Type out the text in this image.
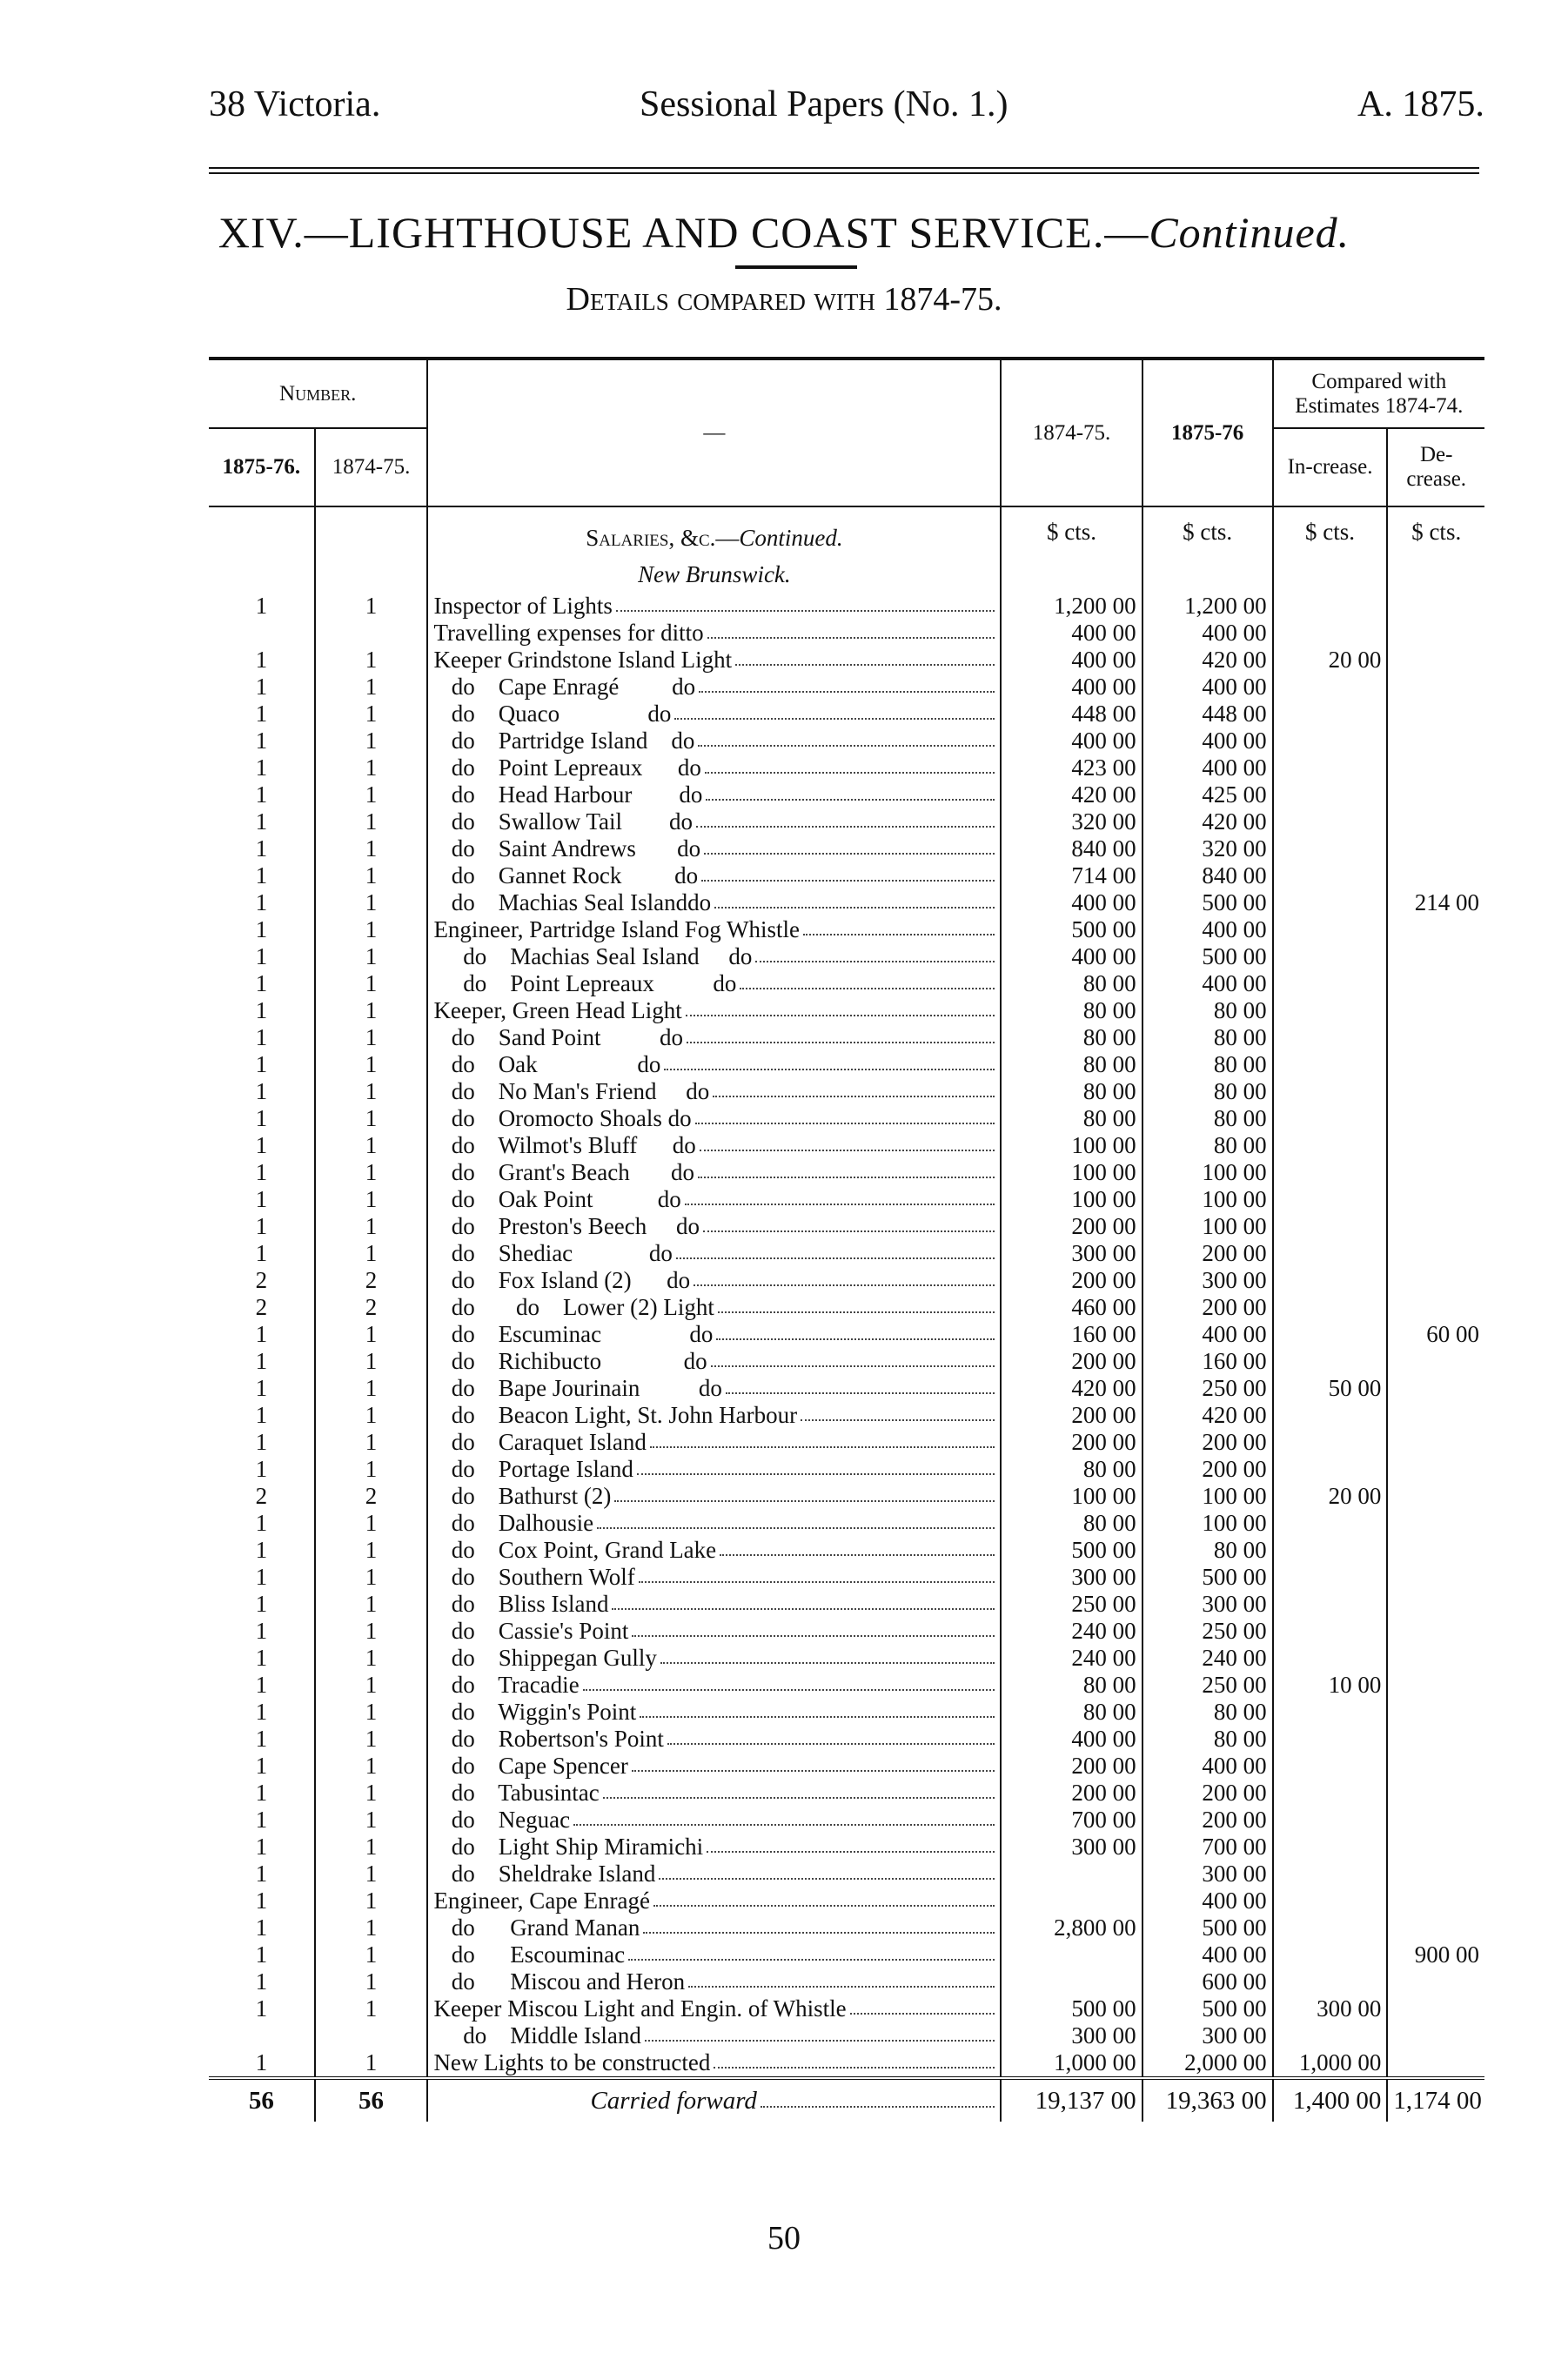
38 Victoria.	Sessional Papers (No. 1.)	A. 1875.
XIV.—LIGHTHOUSE AND COAST SERVICE.—Continued.
Details compared with 1874-75.
Number.		—	1874-75.	1875-76	Compared with Estimates 1874-74.	
1875-76.	1874-75.				In-crease.	De-crease.
		Salaries, &c.—Continued.	$ cts.	$ cts.	$ cts.	$ cts.
		New Brunswick.				
1	1	Inspector of Lights	1,200 00	1,200 00		

		Travelling expenses for ditto	400 00	400 00		
1	1	Keeper Grindstone Island Light	400 00	420 00	20 00	
1	1	do    Cape Enragé         do	400 00	400 00		
1	1	do    Quaco               do	448 00	448 00		
1	1	do    Partridge Island    do	400 00	400 00		
1	1	do    Point Lepreaux      do	423 00	400 00		
1	1	do    Head Harbour        do	420 00	425 00		
1	1	do    Swallow Tail        do	320 00	420 00		
1	1	do    Saint Andrews       do	840 00	320 00		
1	1	do    Gannet Rock         do	714 00	840 00		
1	1	do    Machias Seal Islanddo	400 00	500 00		214 00
1	1	Engineer, Partridge Island Fog Whistle	500 00	400 00		
1	1	do    Machias Seal Island     do	400 00	500 00		
1	1	do    Point Lepreaux          do	80 00	400 00		
1	1	Keeper, Green Head Light	80 00	80 00		
1	1	do    Sand Point          do	80 00	80 00		
1	1	do    Oak                 do	80 00	80 00		
1	1	do    No Man's Friend     do	80 00	80 00		
1	1	do    Oromocto Shoals do	80 00	80 00		
1	1	do    Wilmot's Bluff      do	100 00	80 00		
1	1	do    Grant's Beach       do	100 00	100 00		
1	1	do    Oak Point           do	100 00	100 00		
1	1	do    Preston's Beech     do	200 00	100 00		
1	1	do    Shediac             do	300 00	200 00		
2	2	do    Fox Island (2)      do	200 00	300 00		
2	2	do       do    Lower (2) Light	460 00	200 00		
1	1	do    Escuminac               do	160 00	400 00		60 00
1	1	do    Richibucto              do	200 00	160 00		
1	1	do    Bape Jourinain          do	420 00	250 00	50 00	
1	1	do    Beacon Light, St. John Harbour	200 00	420 00		
1	1	do    Caraquet Island	200 00	200 00		
1	1	do    Portage Island	80 00	200 00		
2	2	do    Bathurst (2)	100 00	100 00	20 00	
1	1	do    Dalhousie	80 00	100 00		
1	1	do    Cox Point, Grand Lake	500 00	80 00		
1	1	do    Southern Wolf	300 00	500 00		
1	1	do    Bliss Island	250 00	300 00		
1	1	do    Cassie's Point	240 00	250 00		
1	1	do    Shippegan Gully	240 00	240 00		
1	1	do    Tracadie	80 00	250 00	10 00	
1	1	do    Wiggin's Point	80 00	80 00		
1	1	do    Robertson's Point	400 00	80 00		
1	1	do    Cape Spencer	200 00	400 00		
1	1	do    Tabusintac	200 00	200 00		
1	1	do    Neguac	700 00	200 00		
1	1	do    Light Ship Miramichi	300 00	700 00		
1	1	do    Sheldrake Island		300 00		
1	1	Engineer, Cape Enragé		400 00		
1	1	do      Grand Manan	2,800 00	500 00		
1	1	do      Escouminac		400 00		900 00
1	1	do      Miscou and Heron		600 00		
1	1	Keeper Miscou Light and Engin. of Whistle	500 00	500 00	300 00	

		do    Middle Island	300 00	300 00		
1	1	New Lights to be constructed	1,000 00	2,000 00	1,000 00	
56	56	Carried forward	19,137 00	19,363 00	1,400 00	1,174 00
50
